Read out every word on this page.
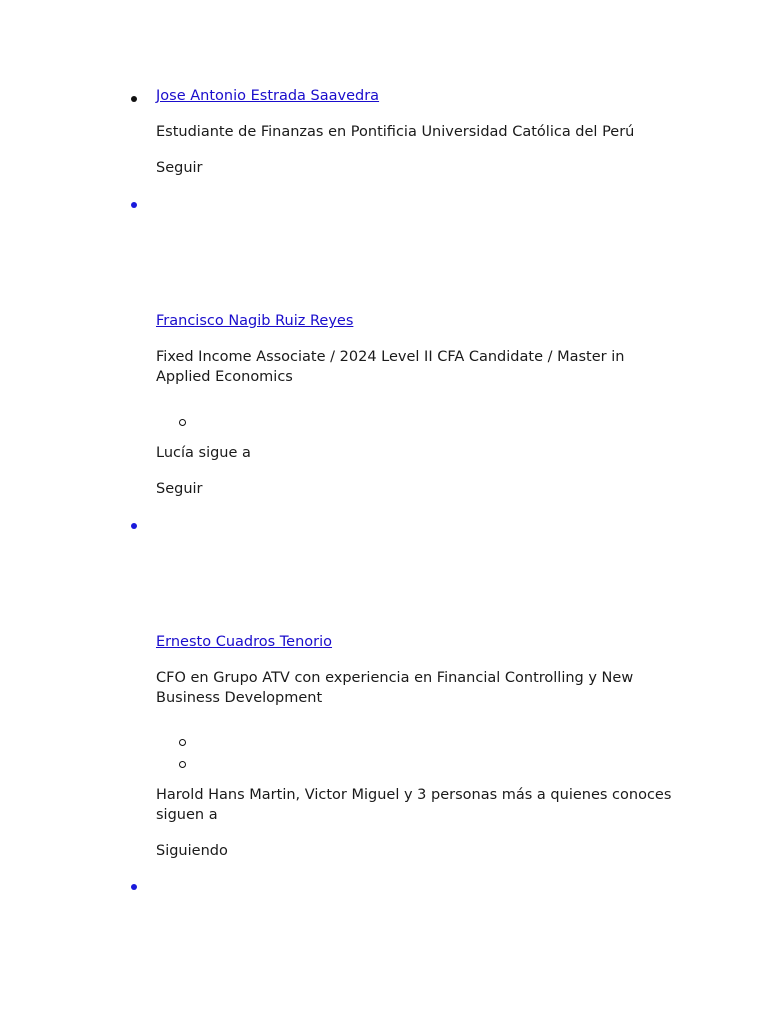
Jose Antonio Estrada Saavedra
Estudiante de Finanzas en Pontificia Universidad Católica del Perú
Seguir
Francisco Nagib Ruiz Reyes
Fixed Income Associate / 2024 Level II CFA Candidate / Master in Applied Economics
Lucía sigue a
Seguir
Ernesto Cuadros Tenorio
CFO en Grupo ATV con experiencia en Financial Controlling y New Business Development
Harold Hans Martin, Victor Miguel y 3 personas más a quienes conoces siguen a
Siguiendo
